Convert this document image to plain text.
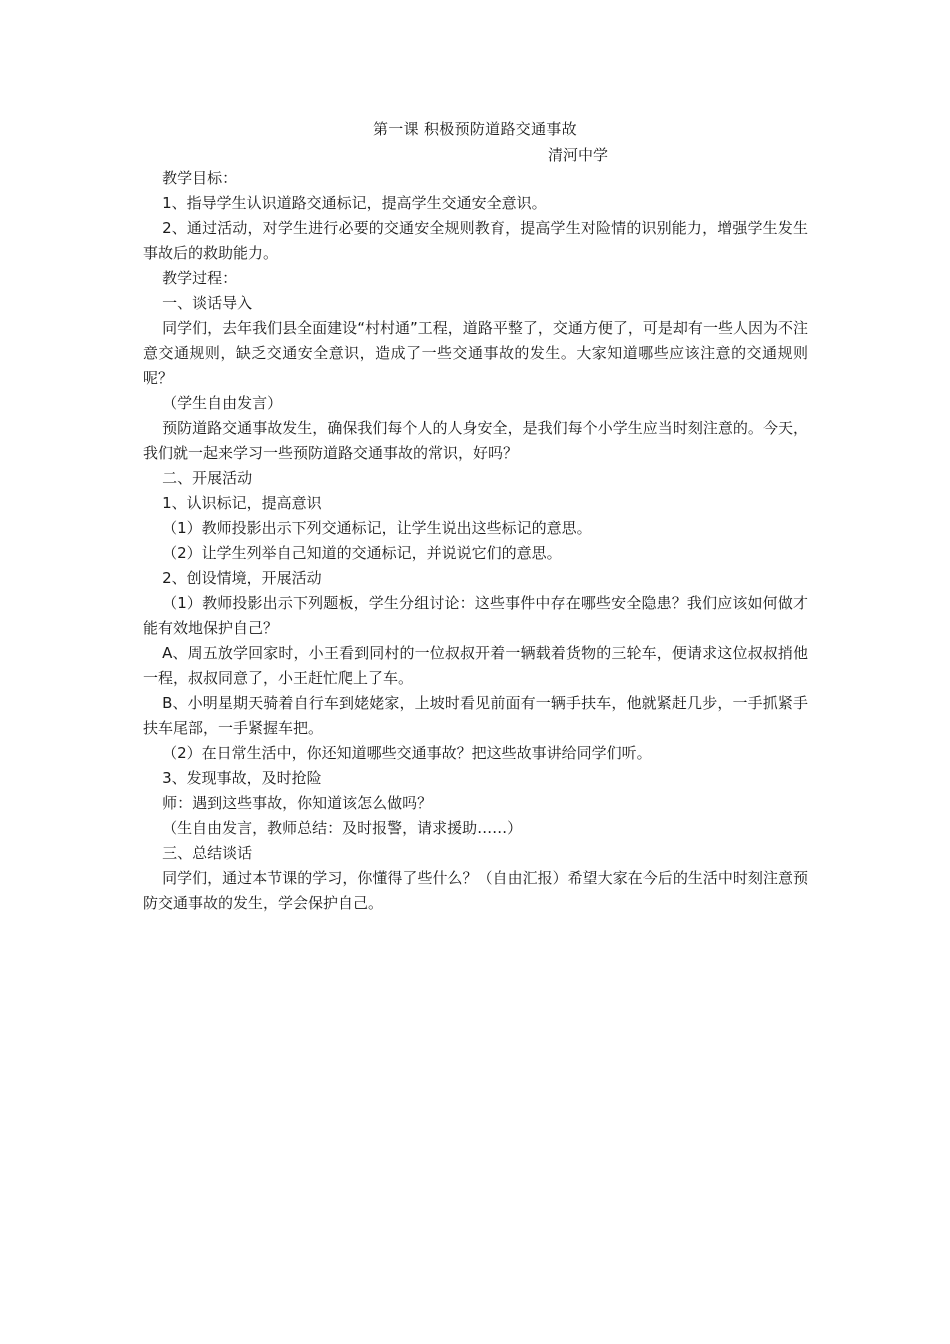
第一课 积极预防道路交通事故
清河中学

教学目标：

1、指导学生认识道路交通标记，提高学生交通安全意识。

2、通过活动，对学生进行必要的交通安全规则教育，提高学生对险情的识别能力，增强学生发生事故后的救助能力。

教学过程：

一、谈话导入

同学们，去年我们县全面建设“村村通”工程，道路平整了，交通方便了，可是却有一些人因为不注意交通规则，缺乏交通安全意识，造成了一些交通事故的发生。大家知道哪些应该注意的交通规则呢？

（学生自由发言）

预防道路交通事故发生，确保我们每个人的人身安全，是我们每个小学生应当时刻注意的。今天，我们就一起来学习一些预防道路交通事故的常识，好吗？

二、开展活动

1、认识标记，提高意识

（1）教师投影出示下列交通标记，让学生说出这些标记的意思。

（2）让学生列举自己知道的交通标记，并说说它们的意思。

2、创设情境，开展活动

（1）教师投影出示下列题板，学生分组讨论：这些事件中存在哪些安全隐患？我们应该如何做才能有效地保护自己？

A、周五放学回家时，小王看到同村的一位叔叔开着一辆载着货物的三轮车，便请求这位叔叔捎他一程，叔叔同意了，小王赶忙爬上了车。

B、小明星期天骑着自行车到姥姥家，上坡时看见前面有一辆手扶车，他就紧赶几步，一手抓紧手扶车尾部，一手紧握车把。

（2）在日常生活中，你还知道哪些交通事故？把这些故事讲给同学们听。

3、发现事故，及时抢险

师：遇到这些事故，你知道该怎么做吗？

（生自由发言，教师总结：及时报警，请求援助……）

三、总结谈话

同学们，通过本节课的学习，你懂得了些什么？（自由汇报）希望大家在今后的生活中时刻注意预防交通事故的发生，学会保护自己。
